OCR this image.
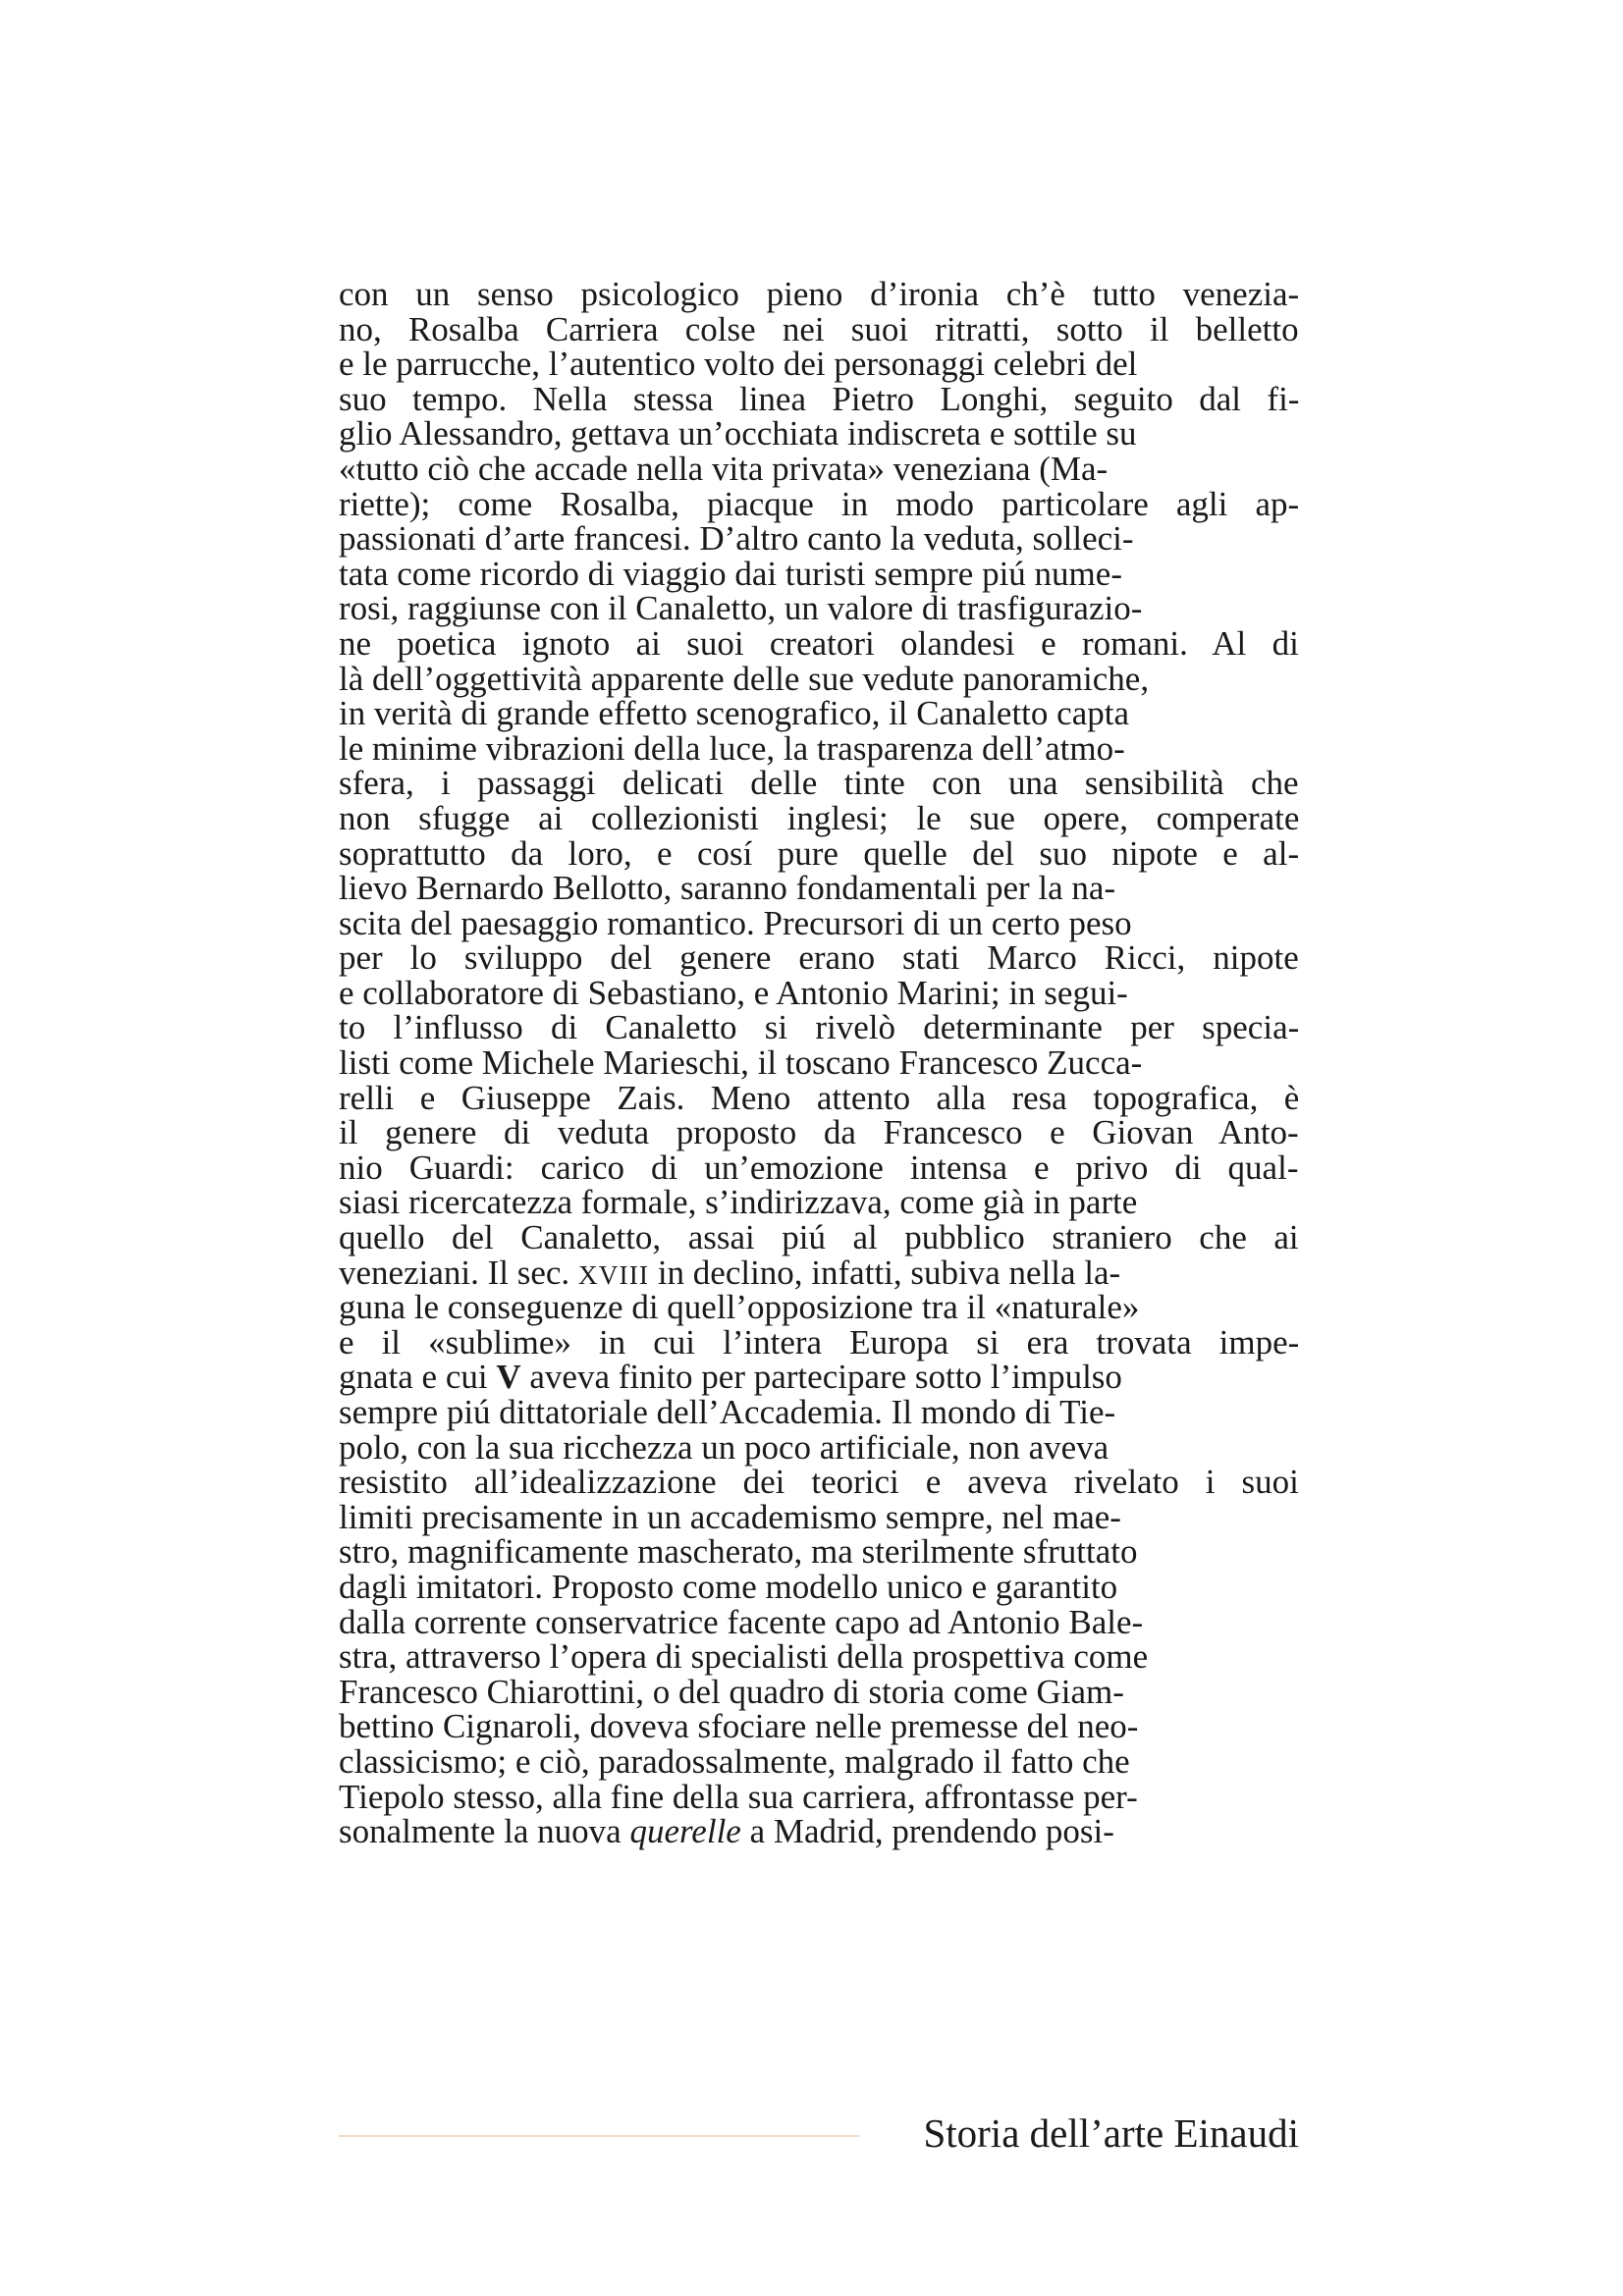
con un senso psicologico pieno d’ironia ch’è tutto venezia-
no, Rosalba Carriera colse nei suoi ritratti, sotto il belletto
e le parrucche, l’autentico volto dei personaggi celebri del
suo tempo. Nella stessa linea Pietro Longhi, seguito dal fi-
glio Alessandro, gettava un’occhiata indiscreta e sottile su
«tutto ciò che accade nella vita privata» veneziana (Ma-
riette); come Rosalba, piacque in modo particolare agli ap-
passionati d’arte francesi. D’altro canto la veduta, solleci-
tata come ricordo di viaggio dai turisti sempre piú nume-
rosi, raggiunse con il Canaletto, un valore di trasfigurazio-
ne poetica ignoto ai suoi creatori olandesi e romani. Al di
là dell’oggettività apparente delle sue vedute panoramiche,
in verità di grande effetto scenografico, il Canaletto capta
le minime vibrazioni della luce, la trasparenza dell’atmo-
sfera, i passaggi delicati delle tinte con una sensibilità che
non sfugge ai collezionisti inglesi; le sue opere, comperate
soprattutto da loro, e cosí pure quelle del suo nipote e al-
lievo Bernardo Bellotto, saranno fondamentali per la na-
scita del paesaggio romantico. Precursori di un certo peso
per lo sviluppo del genere erano stati Marco Ricci, nipote
e collaboratore di Sebastiano, e Antonio Marini; in segui-
to l’influsso di Canaletto si rivelò determinante per specia-
listi come Michele Marieschi, il toscano Francesco Zucca-
relli e Giuseppe Zais. Meno attento alla resa topografica, è
il genere di veduta proposto da Francesco e Giovan Anto-
nio Guardi: carico di un’emozione intensa e privo di qual-
siasi ricercatezza formale, s’indirizzava, come già in parte
quello del Canaletto, assai piú al pubblico straniero che ai
veneziani. Il sec. XVIII in declino, infatti, subiva nella la-
guna le conseguenze di quell’opposizione tra il «naturale»
e il «sublime» in cui l’intera Europa si era trovata impe-
gnata e cui V aveva finito per partecipare sotto l’impulso
sempre piú dittatoriale dell’Accademia. Il mondo di Tie-
polo, con la sua ricchezza un poco artificiale, non aveva
resistito all’idealizzazione dei teorici e aveva rivelato i suoi
limiti precisamente in un accademismo sempre, nel mae-
stro, magnificamente mascherato, ma sterilmente sfruttato
dagli imitatori. Proposto come modello unico e garantito
dalla corrente conservatrice facente capo ad Antonio Bale-
stra, attraverso l’opera di specialisti della prospettiva come
Francesco Chiarottini, o del quadro di storia come Giam-
bettino Cignaroli, doveva sfociare nelle premesse del neo-
classicismo; e ciò, paradossalmente, malgrado il fatto che
Tiepolo stesso, alla fine della sua carriera, affrontasse per-
sonalmente la nuova querelle a Madrid, prendendo posi-
Storia dell’arte Einaudi
